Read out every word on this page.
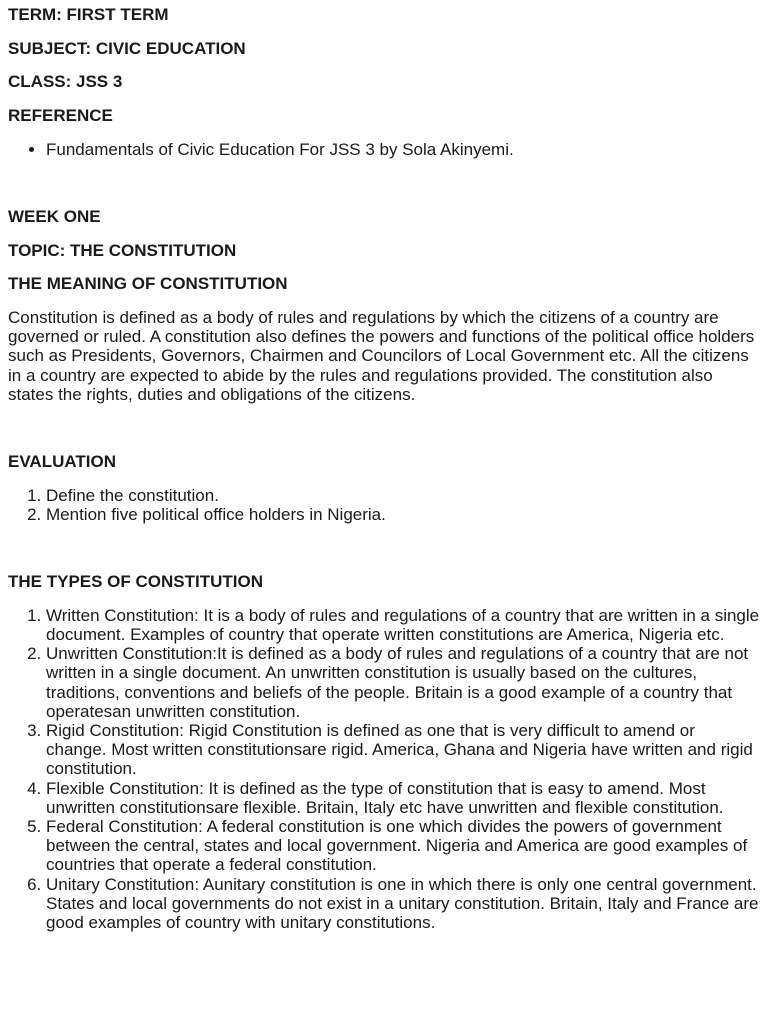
TERM: FIRST TERM

SUBJECT: CIVIC EDUCATION

CLASS: JSS 3

REFERENCE

• Fundamentals of Civic Education For JSS 3 by Sola Akinyemi.

WEEK ONE

TOPIC: THE CONSTITUTION

THE MEANING OF CONSTITUTION

Constitution is defined as a body of rules and regulations by which the citizens of a country are governed or ruled. A constitution also defines the powers and functions of the political office holders such as Presidents, Governors, Chairmen and Councilors of Local Government etc. All the citizens in a country are expected to abide by the rules and regulations provided. The constitution also states the rights, duties and obligations of the citizens.

EVALUATION

1. Define the constitution.
2. Mention five political office holders in Nigeria.

THE TYPES OF CONSTITUTION

1. Written Constitution: It is a body of rules and regulations of a country that are written in a single document. Examples of country that operate written constitutions are America, Nigeria etc.
2. Unwritten Constitution:It is defined as a body of rules and regulations of a country that are not written in a single document. An unwritten constitution is usually based on the cultures, traditions, conventions and beliefs of the people. Britain is a good example of a country that operatesan unwritten constitution.
3. Rigid Constitution: Rigid Constitution is defined as one that is very difficult to amend or change. Most written constitutionsare rigid. America, Ghana and Nigeria have written and rigid constitution.
4. Flexible Constitution: It is defined as the type of constitution that is easy to amend. Most unwritten constitutionsare flexible. Britain, Italy etc have unwritten and flexible constitution.
5. Federal Constitution: A federal constitution is one which divides the powers of government between the central, states and local government. Nigeria and America are good examples of countries that operate a federal constitution.
6. Unitary Constitution: Aunitary constitution is one in which there is only one central government. States and local governments do not exist in a unitary constitution. Britain, Italy and France are good examples of country with unitary constitutions.
